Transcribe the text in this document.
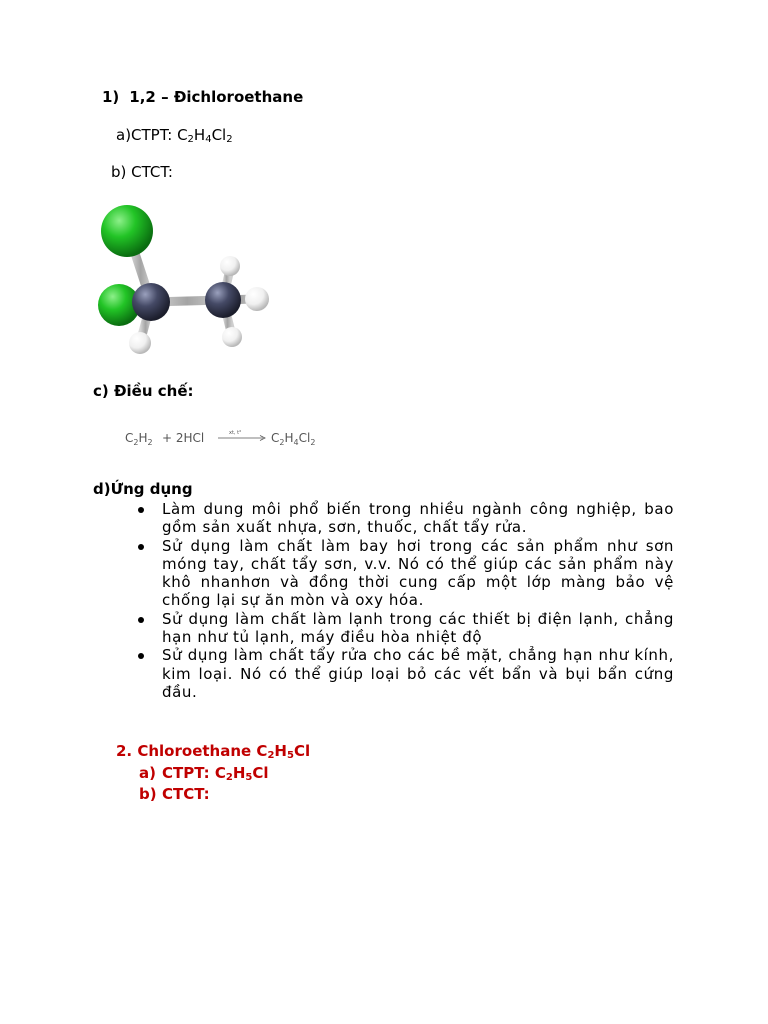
1) 1,2 – Đichloroethane
a)CTPT: $C_2H_4Cl_2$
b) CTCT:
c) Điều chế:
$C_2H_2 + 2HCl$	xt, t° $C_2H_4Cl_2$
d)Ứng dụng
Làm dung môi phổ biến trong nhiều ngành công nghiệp, bao gồm sản xuất nhựa, sơn, thuốc, chất tẩy rửa.
Sử dụng làm chất làm bay hơi trong các sản phẩm như sơn móng tay, chất tẩy sơn, v.v. Nó có thể giúp các sản phẩm này khô nhanhơn và đồng thời cung cấp một lớp màng bảo vệ chống lại sự ăn mòn và oxy hóa.
Sử dụng làm chất làm lạnh trong các thiết bị điện lạnh, chẳng hạn như tủ lạnh, máy điều hòa nhiệt độ
Sử dụng làm chất tẩy rửa cho các bề mặt, chẳng hạn như kính, kim loại. Nó có thể giúp loại bỏ các vết bẩn và bụi bẩn cứng đầu.
2. Chloroethane $C_2H_5Cl$
a) CTPT: $C_2H_5Cl$
b) CTCT:
